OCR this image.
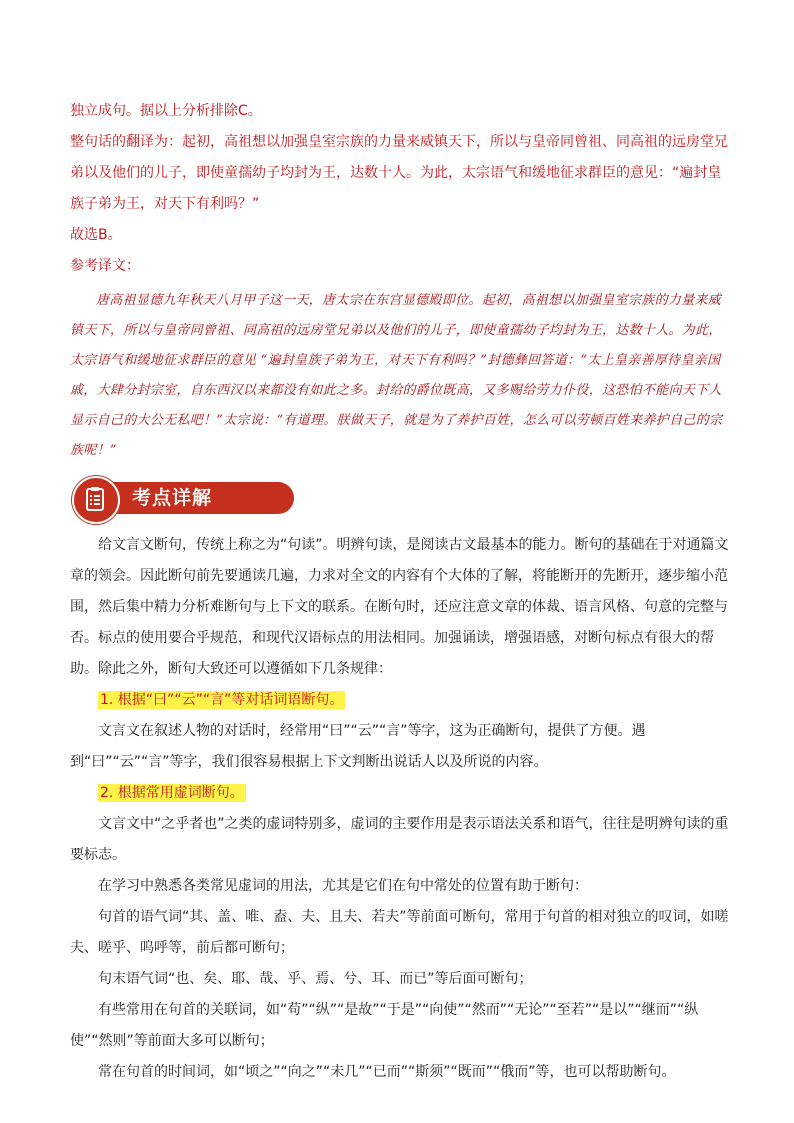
独立成句。据以上分析排除C。

整句话的翻译为：起初，高祖想以加强皇室宗族的力量来威镇天下，所以与皇帝同曾祖、同高祖的远房堂兄弟以及他们的儿子，即使童孺幼子均封为王，达数十人。为此，太宗语气和缓地征求群臣的意见：“遍封皇族子弟为王，对天下有利吗？”

故选B。

参考译文：

唐高祖显德九年秋天八月甲子这一天，唐太宗在东宫显德殿即位。起初，高祖想以加强皇室宗族的力量来威镇天下，所以与皇帝同曾祖、同高祖的远房堂兄弟以及他们的儿子，即使童孺幼子均封为王，达数十人。为此，太宗语气和缓地征求群臣的意见 “遍封皇族子弟为王，对天下有利吗？”封德彝回答道：“太上皇亲善厚待皇亲国戚，大肆分封宗室，自东西汉以来都没有如此之多。封给的爵位既高，又多赐给劳力仆役，这恐怕不能向天下人显示自己的大公无私吧！”太宗说：“有道理。朕做天子，就是为了养护百姓，怎么可以劳顿百姓来养护自己的宗族呢！”

考点详解

给文言文断句，传统上称之为“句读”。明辨句读，是阅读古文最基本的能力。断句的基础在于对通篇文章的领会。因此断句前先要通读几遍，力求对全文的内容有个大体的了解，将能断开的先断开，逐步缩小范围，然后集中精力分析难断句与上下文的联系。在断句时，还应注意文章的体裁、语言风格、句意的完整与否。标点的使用要合乎规范，和现代汉语标点的用法相同。加强诵读，增强语感，对断句标点有很大的帮助。除此之外，断句大致还可以遵循如下几条规律：

1. 根据“曰”“云”“言”等对话词语断句。

文言文在叙述人物的对话时，经常用“曰”“云”“言”等字，这为正确断句，提供了方便。遇到“曰”“云”“言”等字，我们很容易根据上下文判断出说话人以及所说的内容。

2. 根据常用虚词断句。

文言文中“之乎者也”之类的虚词特别多，虚词的主要作用是表示语法关系和语气，往往是明辨句读的重要标志。

在学习中熟悉各类常见虚词的用法，尤其是它们在句中常处的位置有助于断句：

句首的语气词“其、盖、唯、盍、夫、且夫、若夫”等前面可断句，常用于句首的相对独立的叹词，如嗟夫、嗟乎、呜呼等，前后都可断句；

句末语气词“也、矣、耶、哉、乎、焉、兮、耳、而已”等后面可断句；

有些常用在句首的关联词，如“苟”“纵”“是故”“于是”“向使”“然而”“无论”“至若”“是以”“继而”“纵使”“然则”等前面大多可以断句；

常在句首的时间词，如“顷之”“向之”“未几”“已而”“斯须”“既而”“俄而”等，也可以帮助断句。
